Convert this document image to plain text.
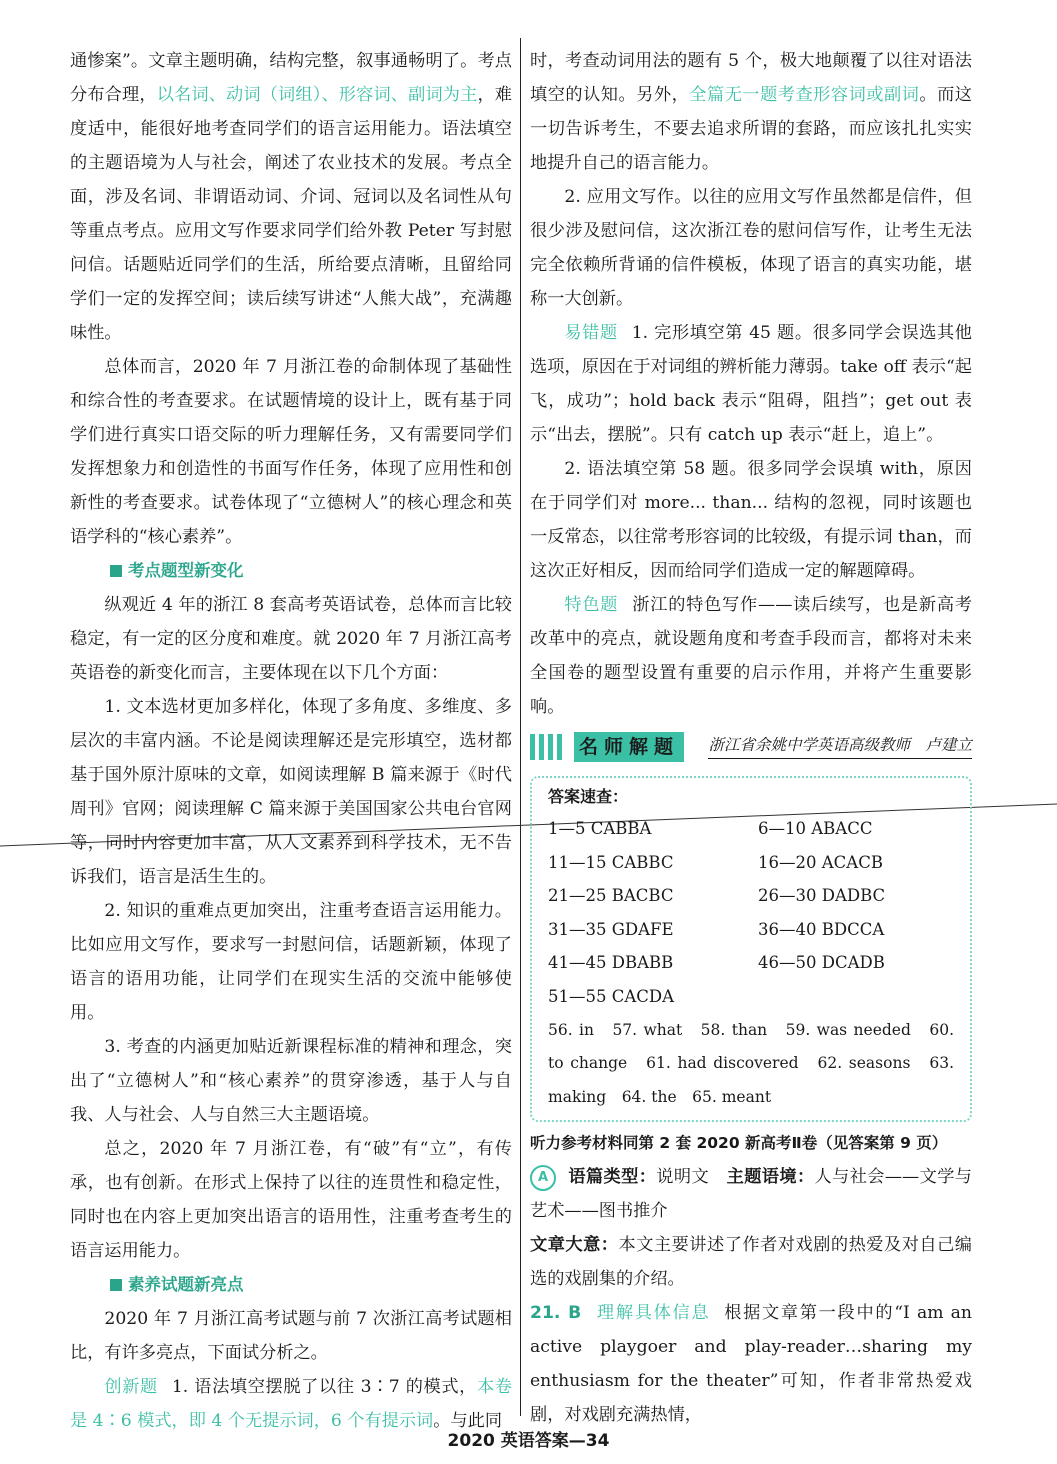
通惨案”。文章主题明确，结构完整，叙事通畅明了。考点分布合理，以名词、动词（词组）、形容词、副词为主，难度适中，能很好地考查同学们的语言运用能力。语法填空的主题语境为人与社会，阐述了农业技术的发展。考点全面，涉及名词、非谓语动词、介词、冠词以及名词性从句等重点考点。应用文写作要求同学们给外教 Peter 写封慰问信。话题贴近同学们的生活，所给要点清晰，且留给同学们一定的发挥空间；读后续写讲述“人熊大战”，充满趣味性。

总体而言，2020 年 7 月浙江卷的命制体现了基础性和综合性的考查要求。在试题情境的设计上，既有基于同学们进行真实口语交际的听力理解任务，又有需要同学们发挥想象力和创造性的书面写作任务，体现了应用性和创新性的考查要求。试卷体现了“立德树人”的核心理念和英语学科的“核心素养”。

考点题型新变化

纵观近 4 年的浙江 8 套高考英语试卷，总体而言比较稳定，有一定的区分度和难度。就 2020 年 7 月浙江高考英语卷的新变化而言，主要体现在以下几个方面：

1. 文本选材更加多样化，体现了多角度、多维度、多层次的丰富内涵。不论是阅读理解还是完形填空，选材都基于国外原汁原味的文章，如阅读理解 B 篇来源于《时代周刊》官网；阅读理解 C 篇来源于美国国家公共电台官网等，同时内容更加丰富，从人文素养到科学技术，无不告诉我们，语言是活生生的。

2. 知识的重难点更加突出，注重考查语言运用能力。比如应用文写作，要求写一封慰问信，话题新颖，体现了语言的语用功能，让同学们在现实生活的交流中能够使用。

3. 考查的内涵更加贴近新课程标准的精神和理念，突出了“立德树人”和“核心素养”的贯穿渗透，基于人与自我、人与社会、人与自然三大主题语境。

总之，2020 年 7 月浙江卷，有“破”有“立”，有传承，也有创新。在形式上保持了以往的连贯性和稳定性，同时也在内容上更加突出语言的语用性，注重考查考生的语言运用能力。

素养试题新亮点

2020 年 7 月浙江高考试题与前 7 次浙江高考试题相比，有许多亮点，下面试分析之。

创新题 1. 语法填空摆脱了以往 3∶7 的模式，本卷是 4∶6 模式，即 4 个无提示词，6 个有提示词。与此同

时，考查动词用法的题有 5 个，极大地颠覆了以往对语法填空的认知。另外，全篇无一题考查形容词或副词。而这一切告诉考生，不要去追求所谓的套路，而应该扎扎实实地提升自己的语言能力。

2. 应用文写作。以往的应用文写作虽然都是信件，但很少涉及慰问信，这次浙江卷的慰问信写作，让考生无法完全依赖所背诵的信件模板，体现了语言的真实功能，堪称一大创新。

易错题 1. 完形填空第 45 题。很多同学会误选其他选项，原因在于对词组的辨析能力薄弱。take off 表示“起飞，成功”；hold back 表示“阻碍，阻挡”；get out 表示“出去，摆脱”。只有 catch up 表示“赶上，追上”。

2. 语法填空第 58 题。很多同学会误填 with，原因在于同学们对 more... than... 结构的忽视，同时该题也一反常态，以往常考形容词的比较级，有提示词 than，而这次正好相反，因而给同学们造成一定的解题障碍。

特色题 浙江的特色写作——读后续写，也是新高考改革中的亮点，就设题角度和考查手段而言，都将对未来全国卷的题型设置有重要的启示作用，并将产生重要影响。

名师解题	浙江省余姚中学英语高级教师　卢建立
答案速查：
1—5 CABBA	6—10 ABACC
11—15 CABBC	16—20 ACACB
21—25 BACBC	26—30 DADBC
31—35 GDAFE	36—40 BDCCA
41—45 DBABB	46—50 DCADB
51—55 CACDA
56. in　57. what　58. than　59. was needed　60. to change　61. had discovered　62. seasons　63. making　64. the　65. meant

听力参考材料同第 2 套 2020 新高考Ⅱ卷（见答案第 9 页）

A 语篇类型：说明文　 主题语境：人与社会——文学与艺术——图书推介

文章大意：本文主要讲述了作者对戏剧的热爱及对自己编选的戏剧集的介绍。

21. B 理解具体信息 根据文章第一段中的“I am an active playgoer and play-reader…sharing my enthusiasm for the theater”可知，作者非常热爱戏剧，对戏剧充满热情，

2020 英语答案—34
